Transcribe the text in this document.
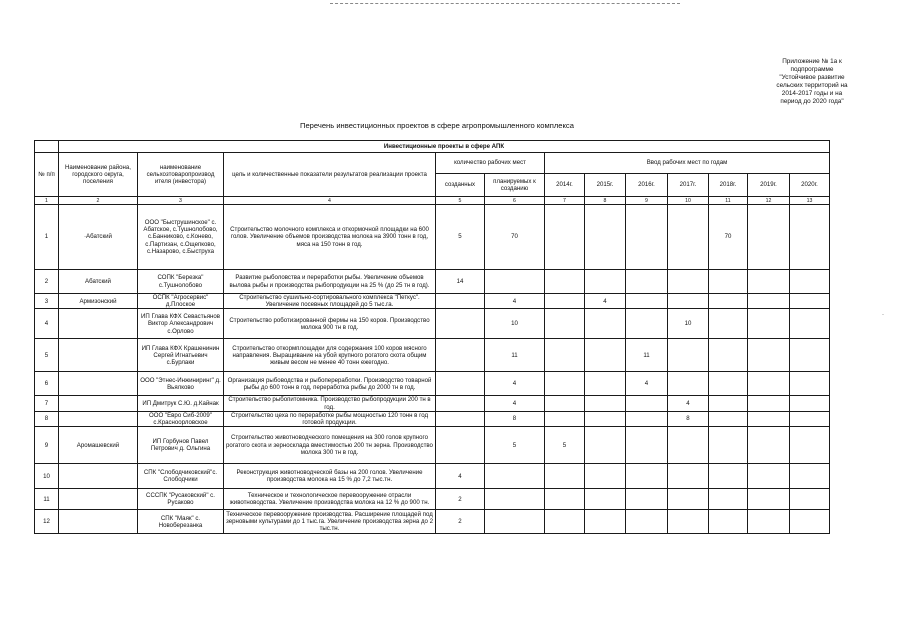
Приложение № 1а к
подпрограмме
"Устойчивое развитие
сельских территорий на
2014-2017 годы и на
период до 2020 года"
Перечень инвестиционных проектов в сфере агропромышленного комплекса
	Инвестиционные проекты в сфере АПК											
№ п/п	Наименование района, городского округа, поселения	наименование сельхозтоваропроизвод ителя (инвестора)	цель и количественные показатели результатов реализации проекта	количество рабочих мест		Ввод рабочих мест по годам						
				созданных	планируемых к созданию							
						2014г.	2015г.	2016г.	2017г.	2018г.	2019г.	2020г.
1	2	3	4	5	6	7	8	9	10	11	12	13
1	·Абатский	ООО "Быструшинское" с. Абатское, с.Тушнолобово, с.Банниково, с.Конево, с.Партизан, с.Ощепково, с.Назарово, с.Быструха	Строительство молочного комплекса и откормочной площадки на 600 голов. Увеличение объемов производства молока на 3900 тонн в год, мяса на 150 тонн в год.	5	70					70		
2	Абатский	СОПК "Березка" с.Тушнолобово	Развитие рыболовства и переработки рыбы. Увеличение объемов вылова рыбы и производства рыбопродукции на 25 % (до 25 тн в год).	14								
3	Армизонский	ОСПК "Агросервис" д.Плоское	Строительство сушильно-сортировального комплекса "Петкус". Увеличение посевных площадей до 5 тыс.га.		4		4					
4		ИП Глава КФХ Севастьянов Виктор Александрович с.Орлово	Строительство роботизированной фермы на 150 коров. Производство молока 900 тн в год.		10				10			
5		ИП Глава КФХ Крашенинин Сергей Игнатьевич с.Бурлаки	Строительство откормплощадки для содержания 100 коров мясного направления. Выращивание на убой крупного рогатого скота общим живым весом не менее 40 тонн ежегодно.		11			11				
6		ООО "Этнес-Инжиниринг" д. Вьялково	Организация рыбоводства и рыбопереработки. Производство товарной рыбы до 600 тонн в год, переработка рыбы до 2000 тн в год.		4			4				
7		ИП Дмитрук С.Ю. д.Кайнак	Строительство рыбопитомника. Производство рыбопродукции 200 тн в год.		4				4			
8		ООО "Евро Сиб-2009" с.Красноорловское	Строительство цеха по переработке рыбы мощностью 120 тонн в год готовой продукции.		8				8			
9	Аромашевский	ИП Горбунов Павел Петрович д. Ольгина	Строительство животноводческого помещения на 300 голов крупного рогатого скота и зерносклада вместимостью 200 тн зерна. Производство молока 300 тн в год.		5	5						
10		СПК "Слободчиковский"с. Слободчики	Реконструкция животноводческой базы на 200 голов. Увеличение производства молока на 15 % до 7,2 тыс.тн.	4								
11		СССПК "Русаковский" с. Русаково	Техническое и технологическое перевооружение отрасли животноводства. Увеличение производства молока на 12 % до 900 тн.	2								
12		СПК "Маяк" с. Новоберезанка	Техническое перевооружение производства. Расширение площадей под зерновыми культурами до 1 тыс.га. Увеличение производства зерна до 2 тыс.тн.	2								
·
